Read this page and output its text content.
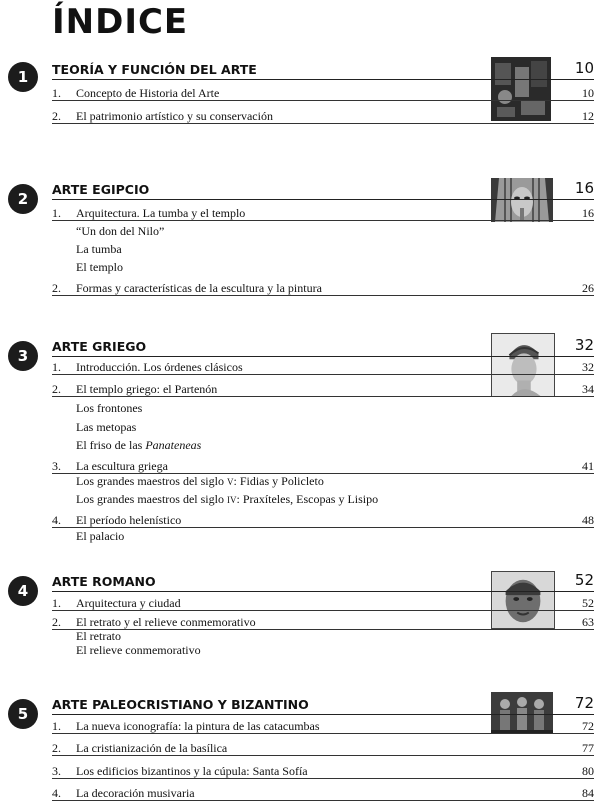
ÍNDICE
1	TEORÍA Y FUNCIÓN DEL ARTE	10
1. Concepto de Historia del Arte	10
2. El patrimonio artístico y su conservación	12
2
ARTE EGIPCIO	16
1. Arquitectura. La tumba y el templo	16
“Un don del Nilo”
La tumba
El templo
2. Formas y características de la escultura y la pintura	26
3
ARTE GRIEGO	32
1. Introducción. Los órdenes clásicos	32
2. El templo griego: el Partenón	34
Los frontones
Las metopas
El friso de las Panateneas
3. La escultura griega	41
Los grandes maestros del siglo V: Fidias y Policleto
Los grandes maestros del siglo IV: Praxíteles, Escopas y Lisipo
4. El período helenístico	48
El palacio
4
ARTE ROMANO	52
1. Arquitectura y ciudad	52
2. El retrato y el relieve conmemorativo	63
El retrato
El relieve conmemorativo
5
ARTE PALEOCRISTIANO Y BIZANTINO	72
1. La nueva iconografía: la pintura de las catacumbas	72
2. La cristianización de la basílica	77
3. Los edificios bizantinos y la cúpula: Santa Sofía	80
4. La decoración musivaria	84
